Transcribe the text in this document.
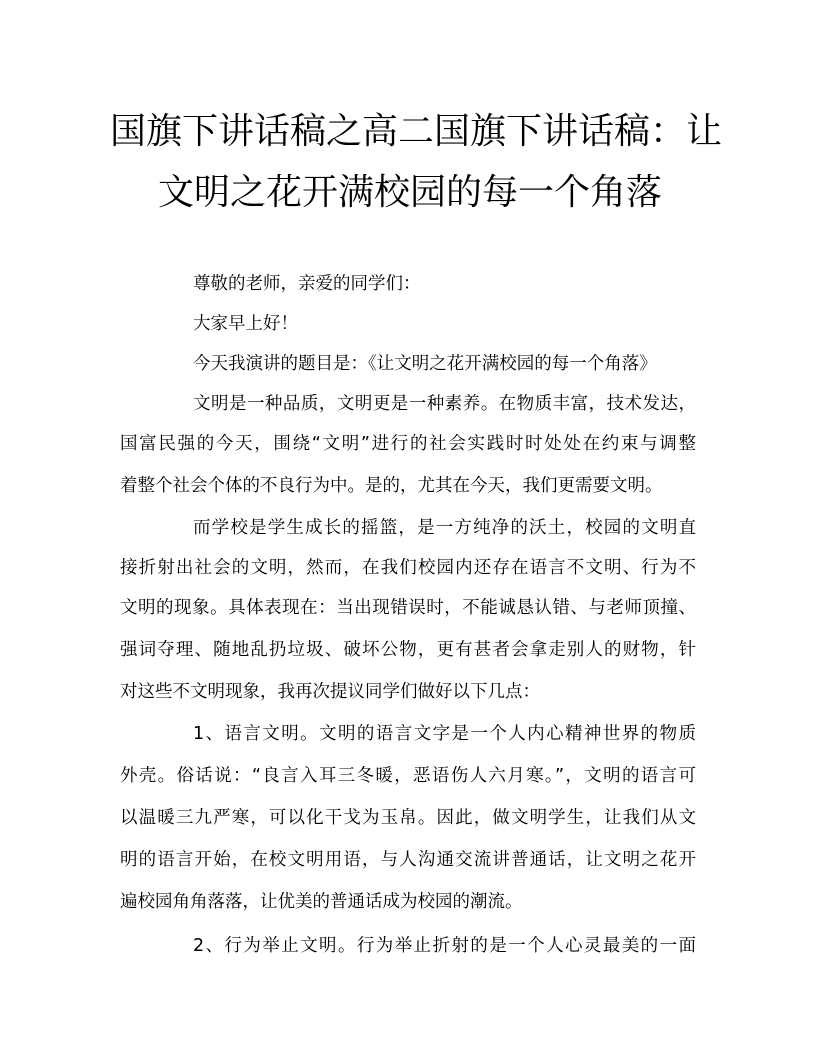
国旗下讲话稿之高二国旗下讲话稿：让
文明之花开满校园的每一个角落
尊敬的老师，亲爱的同学们：
大家早上好！
今天我演讲的题目是：《让文明之花开满校园的每一个角落》
文明是一种品质，文明更是一种素养。在物质丰富，技术发达，
国富民强的今天，围绕“文明”进行的社会实践时时处处在约束与调整
着整个社会个体的不良行为中。是的，尤其在今天，我们更需要文明。
而学校是学生成长的摇篮，是一方纯净的沃土，校园的文明直
接折射出社会的文明，然而，在我们校园内还存在语言不文明、行为不
文明的现象。具体表现在：当出现错误时，不能诚恳认错、与老师顶撞、
强词夺理、随地乱扔垃圾、破坏公物，更有甚者会拿走别人的财物，针
对这些不文明现象，我再次提议同学们做好以下几点：
1、语言文明。文明的语言文字是一个人内心精神世界的物质
外壳。俗话说：“良言入耳三冬暖，恶语伤人六月寒。”，文明的语言可
以温暖三九严寒，可以化干戈为玉帛。因此，做文明学生，让我们从文
明的语言开始，在校文明用语，与人沟通交流讲普通话，让文明之花开
遍校园角角落落，让优美的普通话成为校园的潮流。
2、行为举止文明。行为举止折射的是一个人心灵最美的一面
